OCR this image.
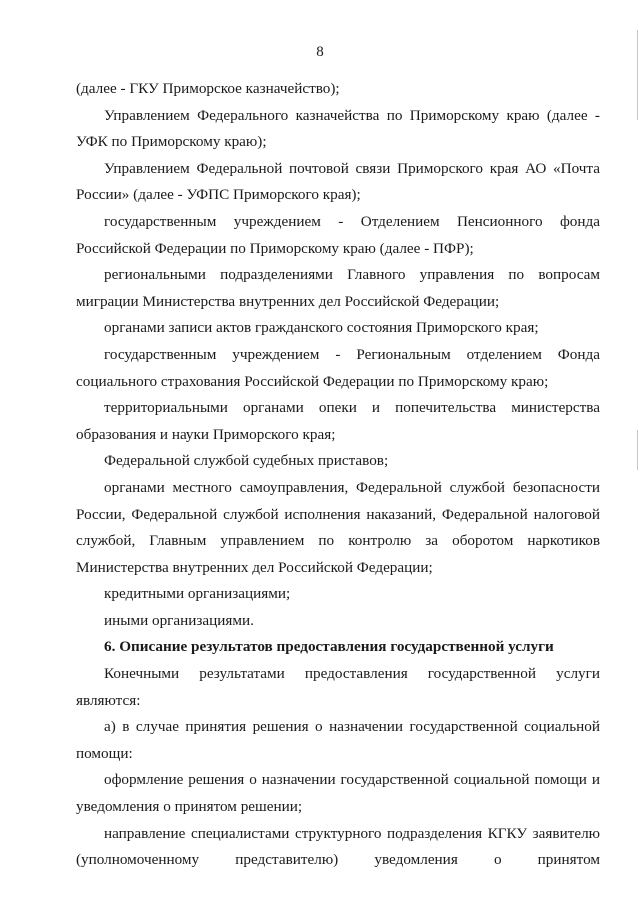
8

(далее - ГКУ Приморское казначейство);

Управлением Федерального казначейства по Приморскому краю (далее - УФК по Приморскому краю);

Управлением Федеральной почтовой связи Приморского края АО «Почта России» (далее - УФПС Приморского края);

государственным учреждением - Отделением Пенсионного фонда Российской Федерации по Приморскому краю (далее - ПФР);

региональными подразделениями Главного управления по вопросам миграции Министерства внутренних дел Российской Федерации;

органами записи актов гражданского состояния Приморского края;

государственным учреждением - Региональным отделением Фонда социального страхования Российской Федерации по Приморскому краю;

территориальными органами опеки и попечительства министерства образования и науки Приморского края;

Федеральной службой судебных приставов;

органами местного самоуправления, Федеральной службой безопасности России, Федеральной службой исполнения наказаний, Федеральной налоговой службой, Главным управлением по контролю за оборотом наркотиков Министерства внутренних дел Российской Федерации;

кредитными организациями;

иными организациями.

6. Описание результатов предоставления государственной услуги

Конечными результатами предоставления государственной услуги являются:

а) в случае принятия решения о назначении государственной социальной помощи:

оформление решения о назначении государственной социальной помощи и уведомления о принятом решении;

направление специалистами структурного подразделения КГКУ заявителю (уполномоченному представителю) уведомления о принятом
